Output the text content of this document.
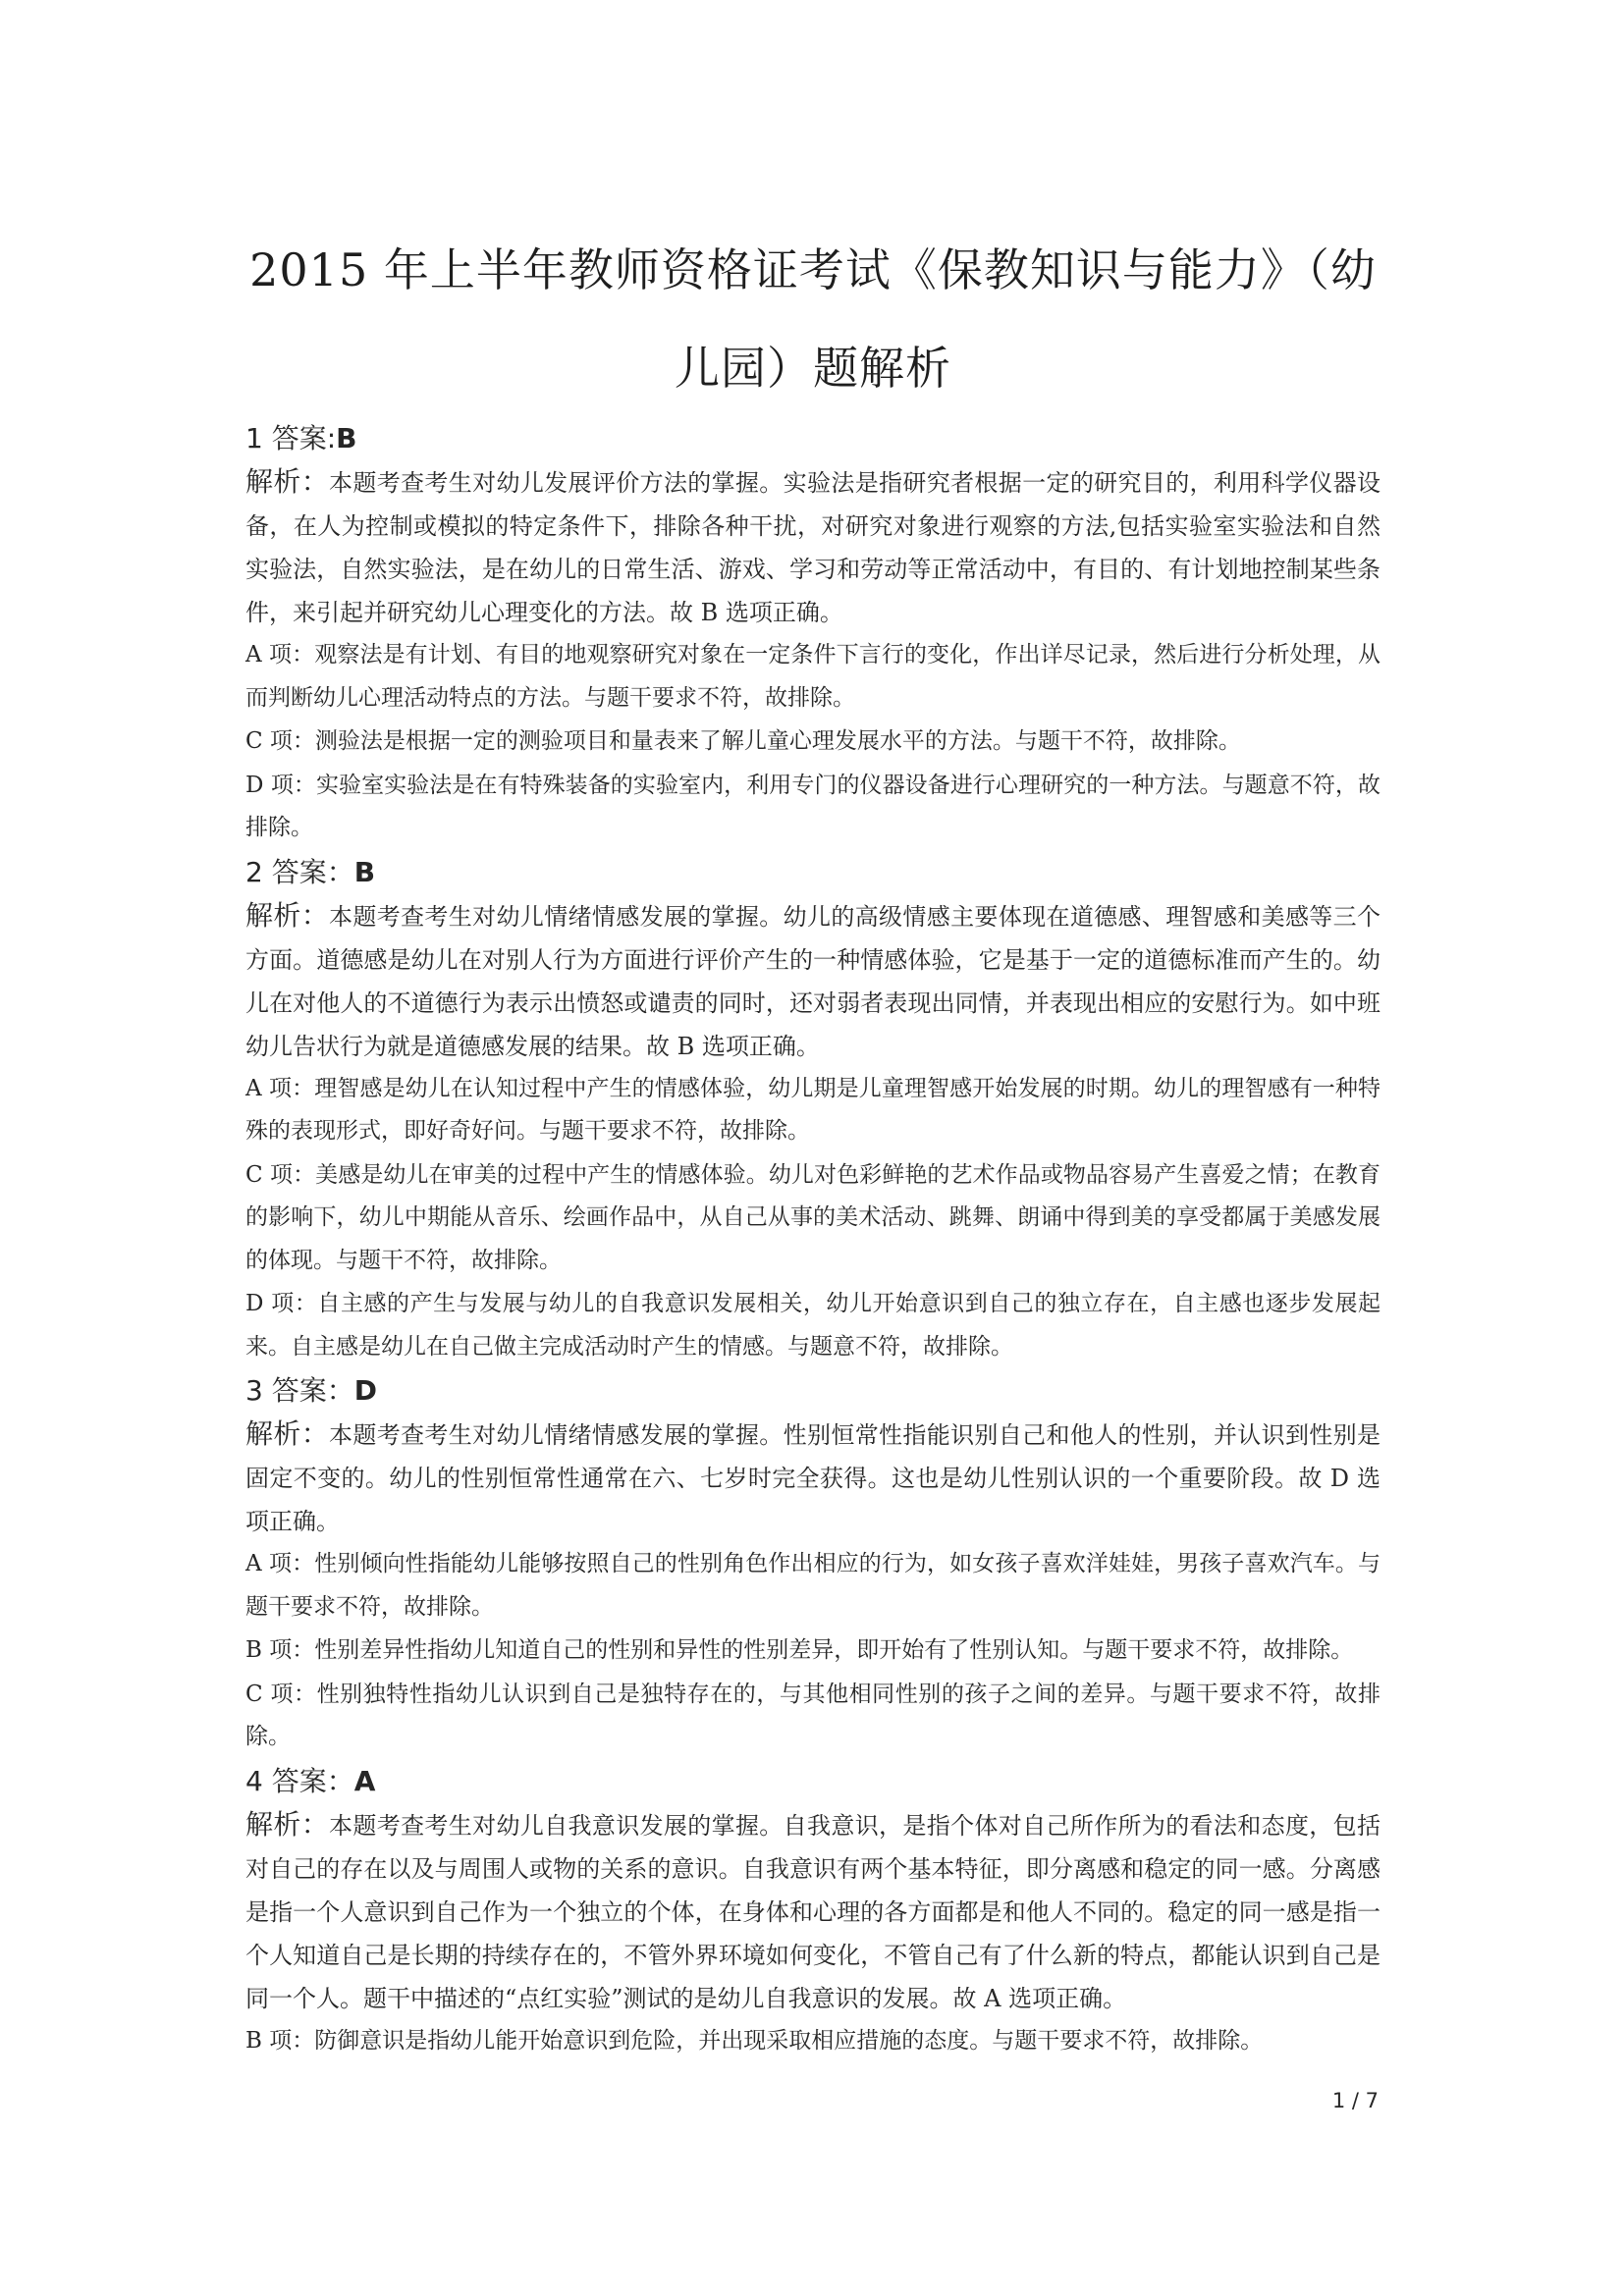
2015 年上半年教师资格证考试《保教知识与能力》（幼
儿园）题解析

1 答案:B

解析：本题考查考生对幼儿发展评价方法的掌握。实验法是指研究者根据一定的研究目的，利用科学仪器设备，在人为控制或模拟的特定条件下，排除各种干扰，对研究对象进行观察的方法,包括实验室实验法和自然实验法，自然实验法，是在幼儿的日常生活、游戏、学习和劳动等正常活动中，有目的、有计划地控制某些条件，来引起并研究幼儿心理变化的方法。故 B 选项正确。

A 项：观察法是有计划、有目的地观察研究对象在一定条件下言行的变化，作出详尽记录，然后进行分析处理，从而判断幼儿心理活动特点的方法。与题干要求不符，故排除。

C 项：测验法是根据一定的测验项目和量表来了解儿童心理发展水平的方法。与题干不符，故排除。

D 项：实验室实验法是在有特殊装备的实验室内，利用专门的仪器设备进行心理研究的一种方法。与题意不符，故排除。

2 答案：B

解析：本题考查考生对幼儿情绪情感发展的掌握。幼儿的高级情感主要体现在道德感、理智感和美感等三个方面。道德感是幼儿在对别人行为方面进行评价产生的一种情感体验，它是基于一定的道德标准而产生的。幼儿在对他人的不道德行为表示出愤怒或谴责的同时，还对弱者表现出同情，并表现出相应的安慰行为。如中班幼儿告状行为就是道德感发展的结果。故 B 选项正确。

A 项：理智感是幼儿在认知过程中产生的情感体验，幼儿期是儿童理智感开始发展的时期。幼儿的理智感有一种特殊的表现形式，即好奇好问。与题干要求不符，故排除。

C 项：美感是幼儿在审美的过程中产生的情感体验。幼儿对色彩鲜艳的艺术作品或物品容易产生喜爱之情；在教育的影响下，幼儿中期能从音乐、绘画作品中，从自己从事的美术活动、跳舞、朗诵中得到美的享受都属于美感发展的体现。与题干不符，故排除。

D 项：自主感的产生与发展与幼儿的自我意识发展相关，幼儿开始意识到自己的独立存在，自主感也逐步发展起来。自主感是幼儿在自己做主完成活动时产生的情感。与题意不符，故排除。

3 答案：D

解析：本题考查考生对幼儿情绪情感发展的掌握。性别恒常性指能识别自己和他人的性别，并认识到性别是固定不变的。幼儿的性别恒常性通常在六、七岁时完全获得。这也是幼儿性别认识的一个重要阶段。故 D 选项正确。

A 项：性别倾向性指能幼儿能够按照自己的性别角色作出相应的行为，如女孩子喜欢洋娃娃，男孩子喜欢汽车。与题干要求不符，故排除。

B 项：性别差异性指幼儿知道自己的性别和异性的性别差异，即开始有了性别认知。与题干要求不符，故排除。

C 项：性别独特性指幼儿认识到自己是独特存在的，与其他相同性别的孩子之间的差异。与题干要求不符，故排除。

4 答案：A

解析：本题考查考生对幼儿自我意识发展的掌握。自我意识，是指个体对自己所作所为的看法和态度，包括对自己的存在以及与周围人或物的关系的意识。自我意识有两个基本特征，即分离感和稳定的同一感。分离感是指一个人意识到自己作为一个独立的个体，在身体和心理的各方面都是和他人不同的。稳定的同一感是指一个人知道自己是长期的持续存在的，不管外界环境如何变化，不管自己有了什么新的特点，都能认识到自己是同一个人。题干中描述的“点红实验”测试的是幼儿自我意识的发展。故 A 选项正确。

B 项：防御意识是指幼儿能开始意识到危险，并出现采取相应措施的态度。与题干要求不符，故排除。

1 / 7
